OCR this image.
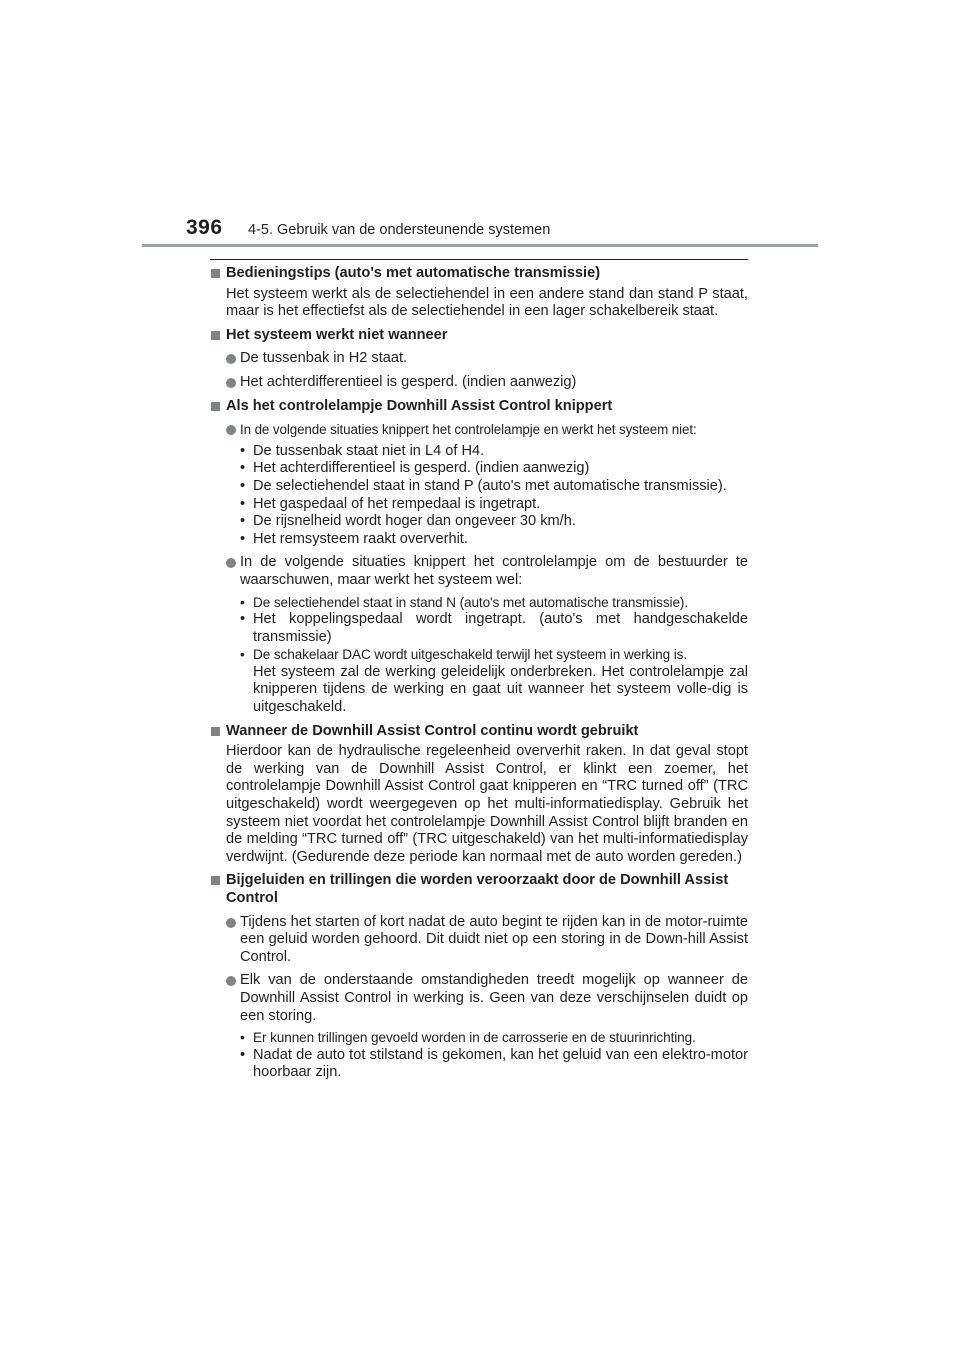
396 4-5. Gebruik van de ondersteunende systemen
Bedieningstips (auto's met automatische transmissie)
Het systeem werkt als de selectiehendel in een andere stand dan stand P staat, maar is het effectiefst als de selectiehendel in een lager schakelbereik staat.
Het systeem werkt niet wanneer
De tussenbak in H2 staat.
Het achterdifferentieel is gesperd. (indien aanwezig)
Als het controlelampje Downhill Assist Control knippert
In de volgende situaties knippert het controlelampje en werkt het systeem niet:
• De tussenbak staat niet in L4 of H4.
• Het achterdifferentieel is gesperd. (indien aanwezig)
• De selectiehendel staat in stand P (auto's met automatische transmissie).
• Het gaspedaal of het rempedaal is ingetrapt.
• De rijsnelheid wordt hoger dan ongeveer 30 km/h.
• Het remsysteem raakt oververhit.
In de volgende situaties knippert het controlelampje om de bestuurder te waarschuwen, maar werkt het systeem wel:
• De selectiehendel staat in stand N (auto's met automatische transmissie).
• Het koppelingspedaal wordt ingetrapt. (auto's met handgeschakelde transmissie)
• De schakelaar DAC wordt uitgeschakeld terwijl het systeem in werking is.
Het systeem zal de werking geleidelijk onderbreken. Het controlelampje zal knipperen tijdens de werking en gaat uit wanneer het systeem volle-dig is uitgeschakeld.
Wanneer de Downhill Assist Control continu wordt gebruikt
Hierdoor kan de hydraulische regeleenheid oververhit raken. In dat geval stopt de werking van de Downhill Assist Control, er klinkt een zoemer, het controlelampje Downhill Assist Control gaat knipperen en “TRC turned off” (TRC uitgeschakeld) wordt weergegeven op het multi-informatiedisplay. Gebruik het systeem niet voordat het controlelampje Downhill Assist Control blijft branden en de melding “TRC turned off” (TRC uitgeschakeld) van het multi-informatiedisplay verdwijnt. (Gedurende deze periode kan normaal met de auto worden gereden.)
Bijgeluiden en trillingen die worden veroorzaakt door de Downhill Assist Control
Tijdens het starten of kort nadat de auto begint te rijden kan in de motor-ruimte een geluid worden gehoord. Dit duidt niet op een storing in de Down-hill Assist Control.
Elk van de onderstaande omstandigheden treedt mogelijk op wanneer de Downhill Assist Control in werking is. Geen van deze verschijnselen duidt op een storing.
• Er kunnen trillingen gevoeld worden in de carrosserie en de stuurinrichting.
• Nadat de auto tot stilstand is gekomen, kan het geluid van een elektro-motor hoorbaar zijn.
